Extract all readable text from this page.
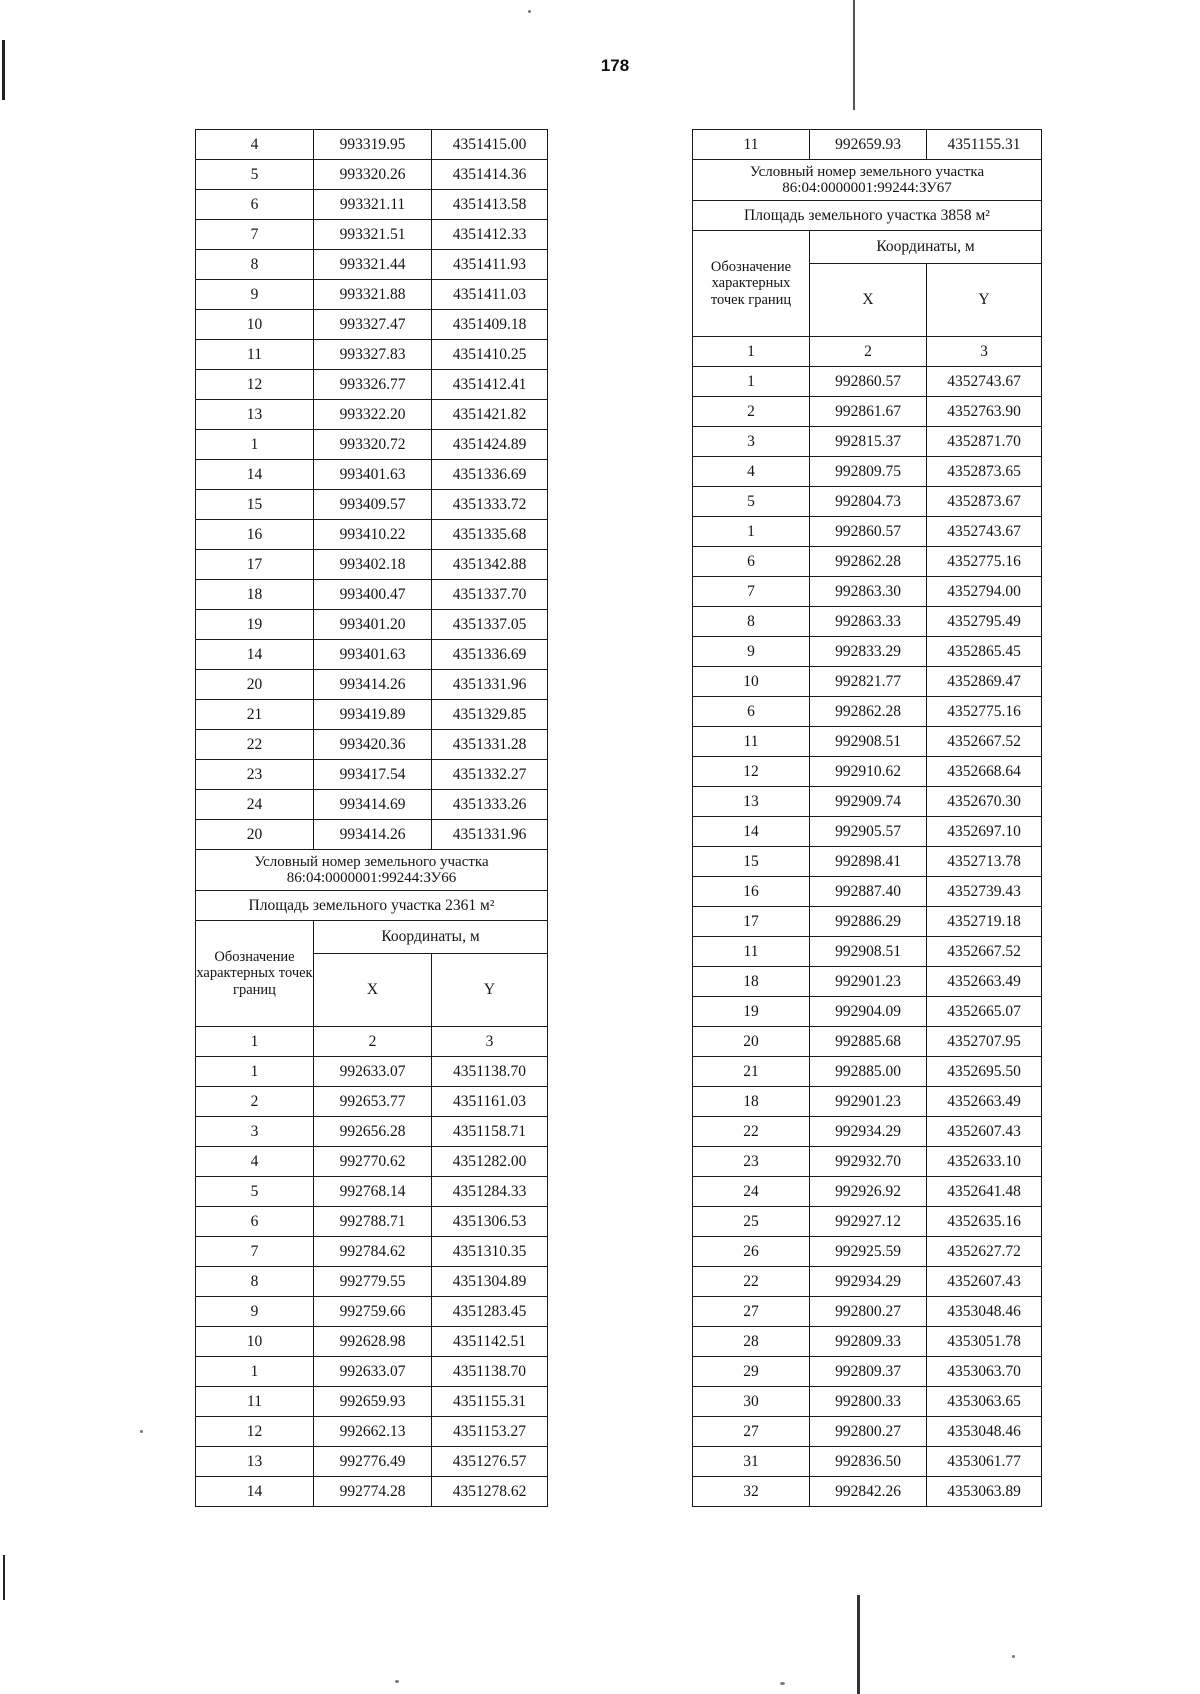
178
4	993319.95	4351415.00
5	993320.26	4351414.36
6	993321.11	4351413.58
7	993321.51	4351412.33
8	993321.44	4351411.93
9	993321.88	4351411.03
10	993327.47	4351409.18
11	993327.83	4351410.25
12	993326.77	4351412.41
13	993322.20	4351421.82
1	993320.72	4351424.89
14	993401.63	4351336.69
15	993409.57	4351333.72
16	993410.22	4351335.68
17	993402.18	4351342.88
18	993400.47	4351337.70
19	993401.20	4351337.05
14	993401.63	4351336.69
20	993414.26	4351331.96
21	993419.89	4351329.85
22	993420.36	4351331.28
23	993417.54	4351332.27
24	993414.69	4351333.26
20	993414.26	4351331.96
Условный номер земельного участка 86:04:0000001:99244:ЗУ66		
Площадь земельного участка 2361 м²		
Обозначение характерных точек границ	Координаты, м	
	X	Y
1	2	3
1	992633.07	4351138.70
2	992653.77	4351161.03
3	992656.28	4351158.71
4	992770.62	4351282.00
5	992768.14	4351284.33
6	992788.71	4351306.53
7	992784.62	4351310.35
8	992779.55	4351304.89
9	992759.66	4351283.45
10	992628.98	4351142.51
1	992633.07	4351138.70
11	992659.93	4351155.31
12	992662.13	4351153.27
13	992776.49	4351276.57
14	992774.28	4351278.62
11	992659.93	4351155.31
Условный номер земельного участка 86:04:0000001:99244:ЗУ67		
Площадь земельного участка 3858 м²		
Обозначение характерных точек границ	Координаты, м	
	X	Y
1	2	3
1	992860.57	4352743.67
2	992861.67	4352763.90
3	992815.37	4352871.70
4	992809.75	4352873.65
5	992804.73	4352873.67
1	992860.57	4352743.67
6	992862.28	4352775.16
7	992863.30	4352794.00
8	992863.33	4352795.49
9	992833.29	4352865.45
10	992821.77	4352869.47
6	992862.28	4352775.16
11	992908.51	4352667.52
12	992910.62	4352668.64
13	992909.74	4352670.30
14	992905.57	4352697.10
15	992898.41	4352713.78
16	992887.40	4352739.43
17	992886.29	4352719.18
11	992908.51	4352667.52
18	992901.23	4352663.49
19	992904.09	4352665.07
20	992885.68	4352707.95
21	992885.00	4352695.50
18	992901.23	4352663.49
22	992934.29	4352607.43
23	992932.70	4352633.10
24	992926.92	4352641.48
25	992927.12	4352635.16
26	992925.59	4352627.72
22	992934.29	4352607.43
27	992800.27	4353048.46
28	992809.33	4353051.78
29	992809.37	4353063.70
30	992800.33	4353063.65
27	992800.27	4353048.46
31	992836.50	4353061.77
32	992842.26	4353063.89
